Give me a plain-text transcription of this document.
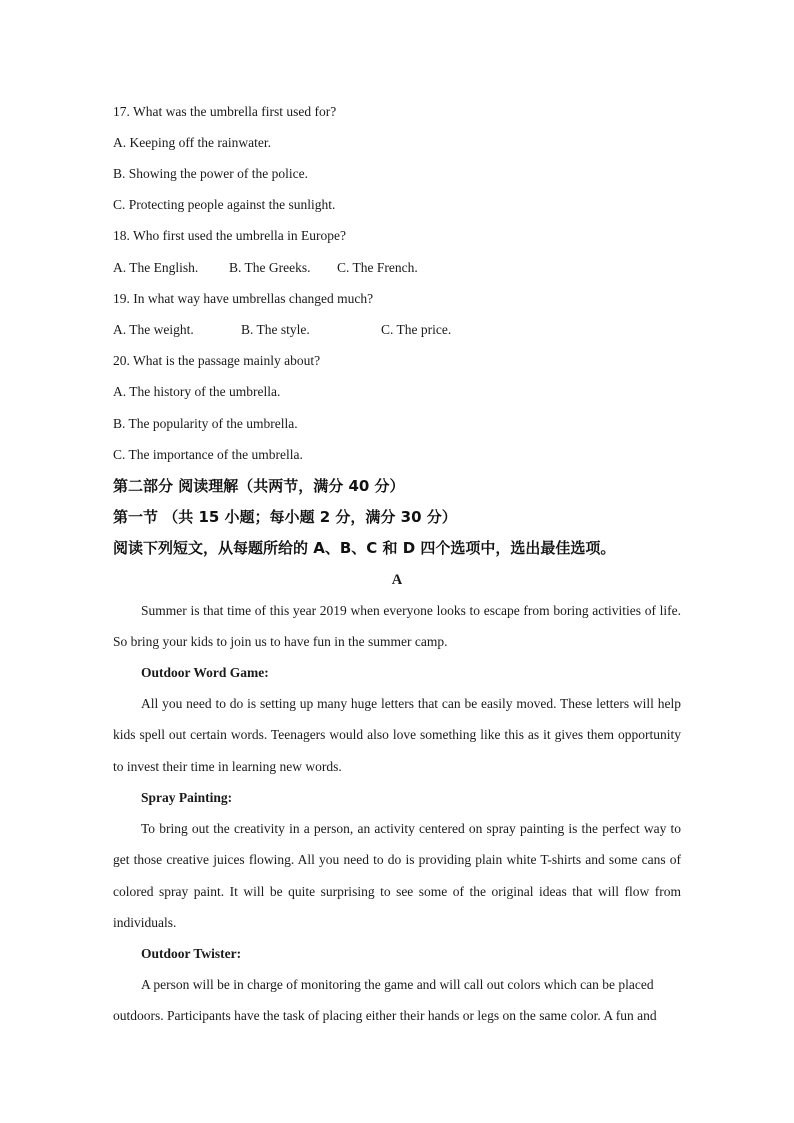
17. What was the umbrella first used for?
A. Keeping off the rainwater.
B. Showing the power of the police.
C. Protecting people against the sunlight.
18. Who first used the umbrella in Europe?
A. The English. B. The Greeks. C. The French.
19. In what way have umbrellas changed much?
A. The weight.	B. The style.	C. The price.
20. What is the passage mainly about?
A. The history of the umbrella.
B. The popularity of the umbrella.
C. The importance of the umbrella.
第二部分 阅读理解（共两节，满分 40 分）
第一节 （共 15 小题；每小题 2 分，满分 30 分）
阅读下列短文，从每题所给的 A、B、C 和 D 四个选项中，选出最佳选项。
A
Summer is that time of this year 2019 when everyone looks to escape from boring activities of life. So bring your kids to join us to have fun in the summer camp.
Outdoor Word Game:
All you need to do is setting up many huge letters that can be easily moved. These letters will help kids spell out certain words. Teenagers would also love something like this as it gives them opportunity to invest their time in learning new words.
Spray Painting:
To bring out the creativity in a person, an activity centered on spray painting is the perfect way to get those creative juices flowing. All you need to do is providing plain white T-shirts and some cans of colored spray paint. It will be quite surprising to see some of the original ideas that will flow from individuals.
Outdoor Twister:
A person will be in charge of monitoring the game and will call out colors which can be placed outdoors. Participants have the task of placing either their hands or legs on the same color. A fun and
